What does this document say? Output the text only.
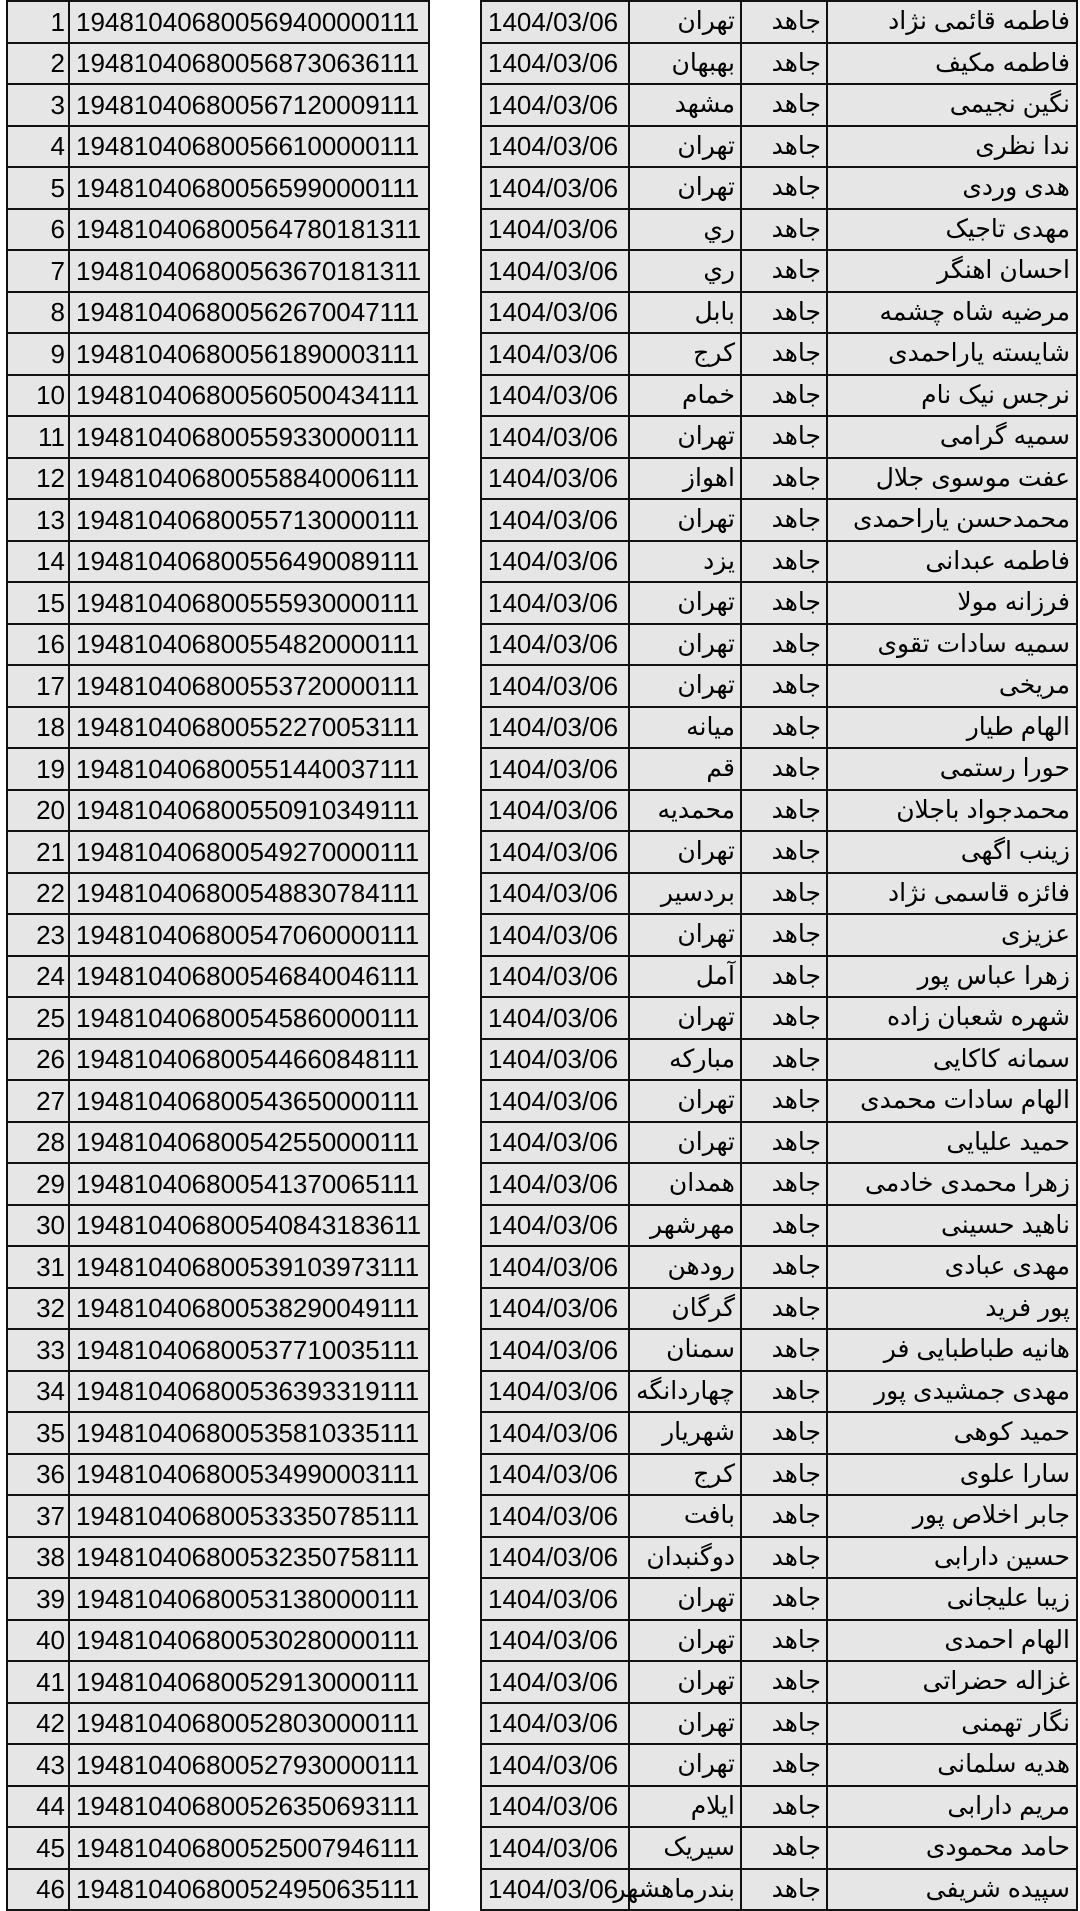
1	194810406800569400000111		1404/03/06	تهران	جاهد	فاطمه قائمی نژاد
2	194810406800568730636111		1404/03/06	بهبهان	جاهد	فاطمه مکیف
3	194810406800567120009111		1404/03/06	مشهد	جاهد	نگین نجیمی
4	194810406800566100000111		1404/03/06	تهران	جاهد	ندا نظری
5	194810406800565990000111		1404/03/06	تهران	جاهد	هدی وردی
6	194810406800564780181311		1404/03/06	ري	جاهد	مهدی تاجیک
7	194810406800563670181311		1404/03/06	ري	جاهد	احسان اهنگر
8	194810406800562670047111		1404/03/06	بابل	جاهد	مرضیه شاه چشمه
9	194810406800561890003111		1404/03/06	کرج	جاهد	شایسته یاراحمدی
10	194810406800560500434111		1404/03/06	خمام	جاهد	نرجس نیک نام
11	194810406800559330000111		1404/03/06	تهران	جاهد	سمیه گرامی
12	194810406800558840006111		1404/03/06	اهواز	جاهد	عفت موسوی جلال
13	194810406800557130000111		1404/03/06	تهران	جاهد	محمدحسن یاراحمدی
14	194810406800556490089111		1404/03/06	یزد	جاهد	فاطمه عبدانی
15	194810406800555930000111		1404/03/06	تهران	جاهد	فرزانه مولا
16	194810406800554820000111		1404/03/06	تهران	جاهد	سمیه سادات تقوی
17	194810406800553720000111		1404/03/06	تهران	جاهد	مریخی
18	194810406800552270053111		1404/03/06	میانه	جاهد	الهام طیار
19	194810406800551440037111		1404/03/06	قم	جاهد	حورا رستمی
20	194810406800550910349111		1404/03/06	محمدیه	جاهد	محمدجواد باجلان
21	194810406800549270000111		1404/03/06	تهران	جاهد	زینب اگهی
22	194810406800548830784111		1404/03/06	بردسیر	جاهد	فائزه قاسمی نژاد
23	194810406800547060000111		1404/03/06	تهران	جاهد	عزیزی
24	194810406800546840046111		1404/03/06	آمل	جاهد	زهرا عباس پور
25	194810406800545860000111		1404/03/06	تهران	جاهد	شهره شعبان زاده
26	194810406800544660848111		1404/03/06	مبارکه	جاهد	سمانه کاکایی
27	194810406800543650000111		1404/03/06	تهران	جاهد	الهام سادات محمدی
28	194810406800542550000111		1404/03/06	تهران	جاهد	حمید علیایی
29	194810406800541370065111		1404/03/06	همدان	جاهد	زهرا محمدی خادمی
30	194810406800540843183611		1404/03/06	مهرشهر	جاهد	ناهید حسینی
31	194810406800539103973111		1404/03/06	رودهن	جاهد	مهدی عبادی
32	194810406800538290049111		1404/03/06	گرگان	جاهد	پور فرید
33	194810406800537710035111		1404/03/06	سمنان	جاهد	هانیه طباطبایی فر
34	194810406800536393319111		1404/03/06	چهاردانگه	جاهد	مهدی جمشیدی پور
35	194810406800535810335111		1404/03/06	شهریار	جاهد	حمید کوهی
36	194810406800534990003111		1404/03/06	کرج	جاهد	سارا علوی
37	194810406800533350785111		1404/03/06	بافت	جاهد	جابر اخلاص پور
38	194810406800532350758111		1404/03/06	دوگنبدان	جاهد	حسین دارابی
39	194810406800531380000111		1404/03/06	تهران	جاهد	زیبا علیجانی
40	194810406800530280000111		1404/03/06	تهران	جاهد	الهام احمدی
41	194810406800529130000111		1404/03/06	تهران	جاهد	غزاله حضراتی
42	194810406800528030000111		1404/03/06	تهران	جاهد	نگار تهمنی
43	194810406800527930000111		1404/03/06	تهران	جاهد	هدیه سلمانی
44	194810406800526350693111		1404/03/06	ایلام	جاهد	مریم دارابی
45	194810406800525007946111		1404/03/06	سیریک	جاهد	حامد محمودی
46	194810406800524950635111		1404/03/06	بندرماهشهر	جاهد	سپیده شریفی
